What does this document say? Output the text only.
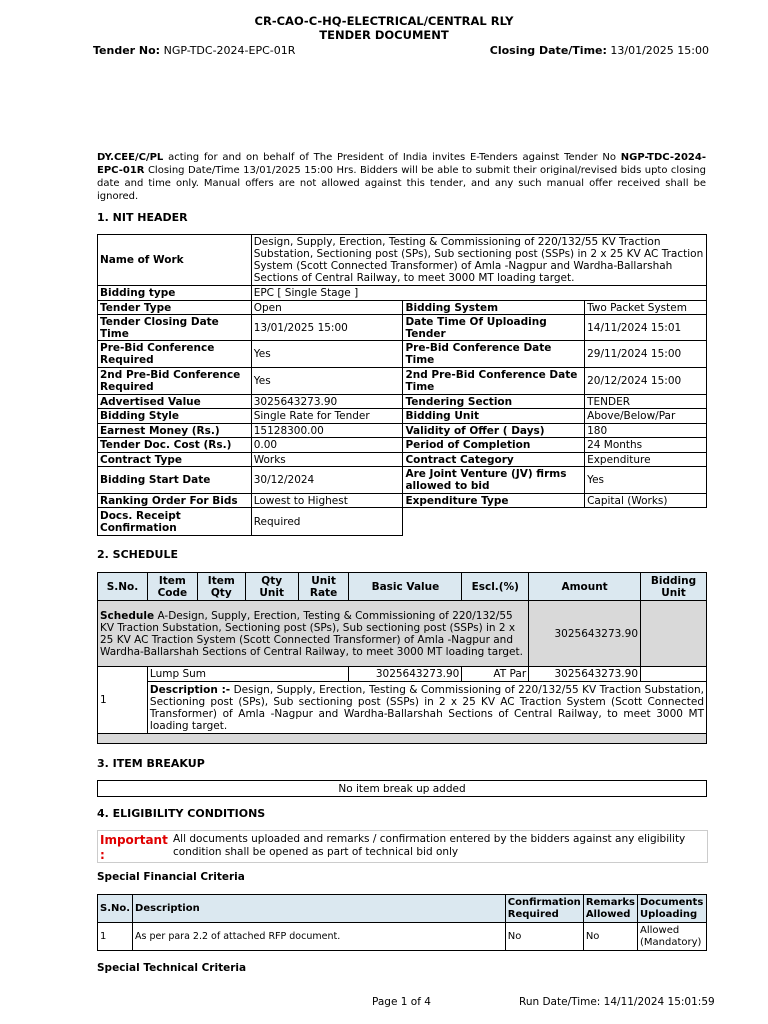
CR-CAO-C-HQ-ELECTRICAL/CENTRAL RLY
TENDER DOCUMENT
Tender No: NGP-TDC-2024-EPC-01R	Closing Date/Time: 13/01/2025 15:00
DY.CEE/C/PL acting for and on behalf of The President of India invites E-Tenders against Tender No NGP-TDC-2024-EPC-01R Closing Date/Time 13/01/2025 15:00 Hrs. Bidders will be able to submit their original/revised bids upto closing date and time only. Manual offers are not allowed against this tender, and any such manual offer received shall be ignored.
1. NIT HEADER
Name of Work	Design, Supply, Erection, Testing & Commissioning of 220/132/55 KV Traction Substation, Sectioning post (SPs), Sub sectioning post (SSPs) in 2 x 25 KV AC Traction System (Scott Connected Transformer) of Amla -Nagpur and Wardha-Ballarshah Sections of Central Railway, to meet 3000 MT loading target.		
Bidding type	EPC [ Single Stage ]		
Tender Type	Open	Bidding System	Two Packet System
Tender Closing Date Time	13/01/2025 15:00	Date Time Of Uploading Tender	14/11/2024 15:01
Pre-Bid Conference Required	Yes	Pre-Bid Conference Date Time	29/11/2024 15:00
2nd Pre-Bid Conference Required	Yes	2nd Pre-Bid Conference Date Time	20/12/2024 15:00
Advertised Value	3025643273.90	Tendering Section	TENDER
Bidding Style	Single Rate for Tender	Bidding Unit	Above/Below/Par
Earnest Money (Rs.)	15128300.00	Validity of Offer ( Days)	180
Tender Doc. Cost (Rs.)	0.00	Period of Completion	24 Months
Contract Type	Works	Contract Category	Expenditure
Bidding Start Date	30/12/2024	Are Joint Venture (JV) firms allowed to bid	Yes
Ranking Order For Bids	Lowest to Highest	Expenditure Type	Capital (Works)
Docs. Receipt Confirmation	Required		
2. SCHEDULE
S.No.	Item Code	Item Qty	Qty Unit	Unit Rate	Basic Value	Escl.(%)	Amount	Bidding Unit
Schedule A-Design, Supply, Erection, Testing & Commissioning of 220/132/55 KV Traction Substation, Sectioning post (SPs), Sub sectioning post (SSPs) in 2 x 25 KV AC Traction System (Scott Connected Transformer) of Amla -Nagpur and Wardha-Ballarshah Sections of Central Railway, to meet 3000 MT loading target.							3025643273.90	
1	Lump Sum				3025643273.90	AT Par	3025643273.90	
	Description :- Design, Supply, Erection, Testing & Commissioning of 220/132/55 KV Traction Substation, Sectioning post (SPs), Sub sectioning post (SSPs) in 2 x 25 KV AC Traction System (Scott Connected Transformer) of Amla -Nagpur and Wardha-Ballarshah Sections of Central Railway, to meet 3000 MT loading target.							

3. ITEM BREAKUP
No item break up added
4. ELIGIBILITY CONDITIONS
Important :
All documents uploaded and remarks / confirmation entered by the bidders against any eligibility condition shall be opened as part of technical bid only
Special Financial Criteria
S.No.	Description	Confirmation Required	Remarks Allowed	Documents Uploading
1	As per para 2.2 of attached RFP document.	No	No	Allowed (Mandatory)
Special Technical Criteria
Page 1 of 4	Run Date/Time: 14/11/2024 15:01:59
